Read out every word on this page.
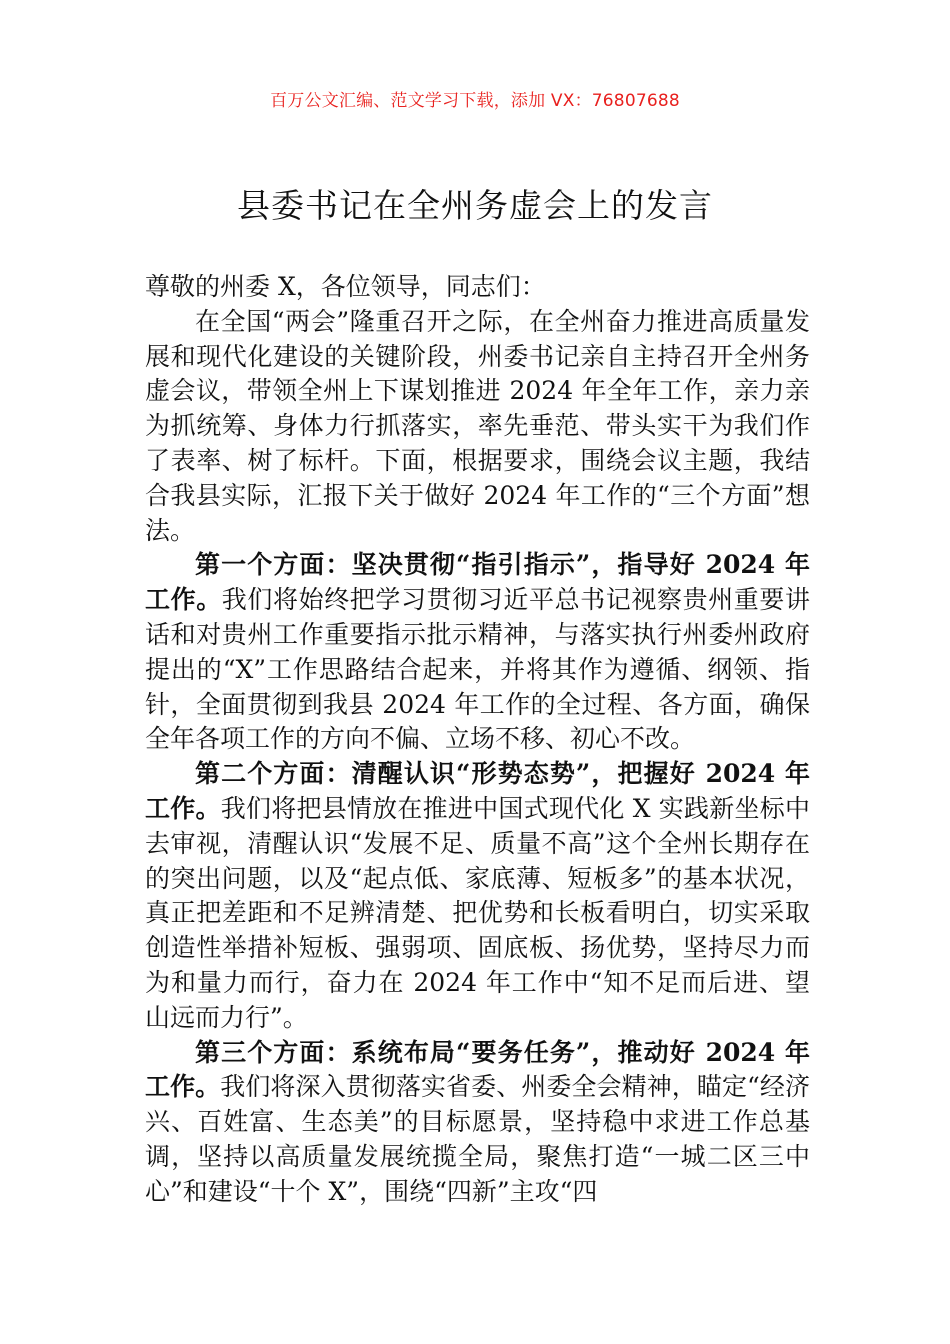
百万公文汇编、范文学习下载，添加 VX：76807688
县委书记在全州务虚会上的发言

尊敬的州委 X，各位领导，同志们：

在全国“两会”隆重召开之际，在全州奋力推进高质量发展和现代化建设的关键阶段，州委书记亲自主持召开全州务虚会议，带领全州上下谋划推进 2024 年全年工作，亲力亲为抓统筹、身体力行抓落实，率先垂范、带头实干为我们作了表率、树了标杆。下面，根据要求，围绕会议主题，我结合我县实际，汇报下关于做好 2024 年工作的“三个方面”想法。

第一个方面：坚决贯彻“指引指示”，指导好 2024 年工作。我们将始终把学习贯彻习近平总书记视察贵州重要讲话和对贵州工作重要指示批示精神，与落实执行州委州政府提出的“X”工作思路结合起来，并将其作为遵循、纲领、指针，全面贯彻到我县 2024 年工作的全过程、各方面，确保全年各项工作的方向不偏、立场不移、初心不改。

第二个方面：清醒认识“形势态势”，把握好 2024 年工作。我们将把县情放在推进中国式现代化 X 实践新坐标中去审视，清醒认识“发展不足、质量不高”这个全州长期存在的突出问题，以及“起点低、家底薄、短板多”的基本状况，真正把差距和不足辨清楚、把优势和长板看明白，切实采取创造性举措补短板、强弱项、固底板、扬优势，坚持尽力而为和量力而行，奋力在 2024 年工作中“知不足而后进、望山远而力行”。

第三个方面：系统布局“要务任务”，推动好 2024 年工作。我们将深入贯彻落实省委、州委全会精神，瞄定“经济兴、百姓富、生态美”的目标愿景，坚持稳中求进工作总基调，坚持以高质量发展统揽全局，聚焦打造“一城二区三中心”和建设“十个 X”，围绕“四新”主攻“四
